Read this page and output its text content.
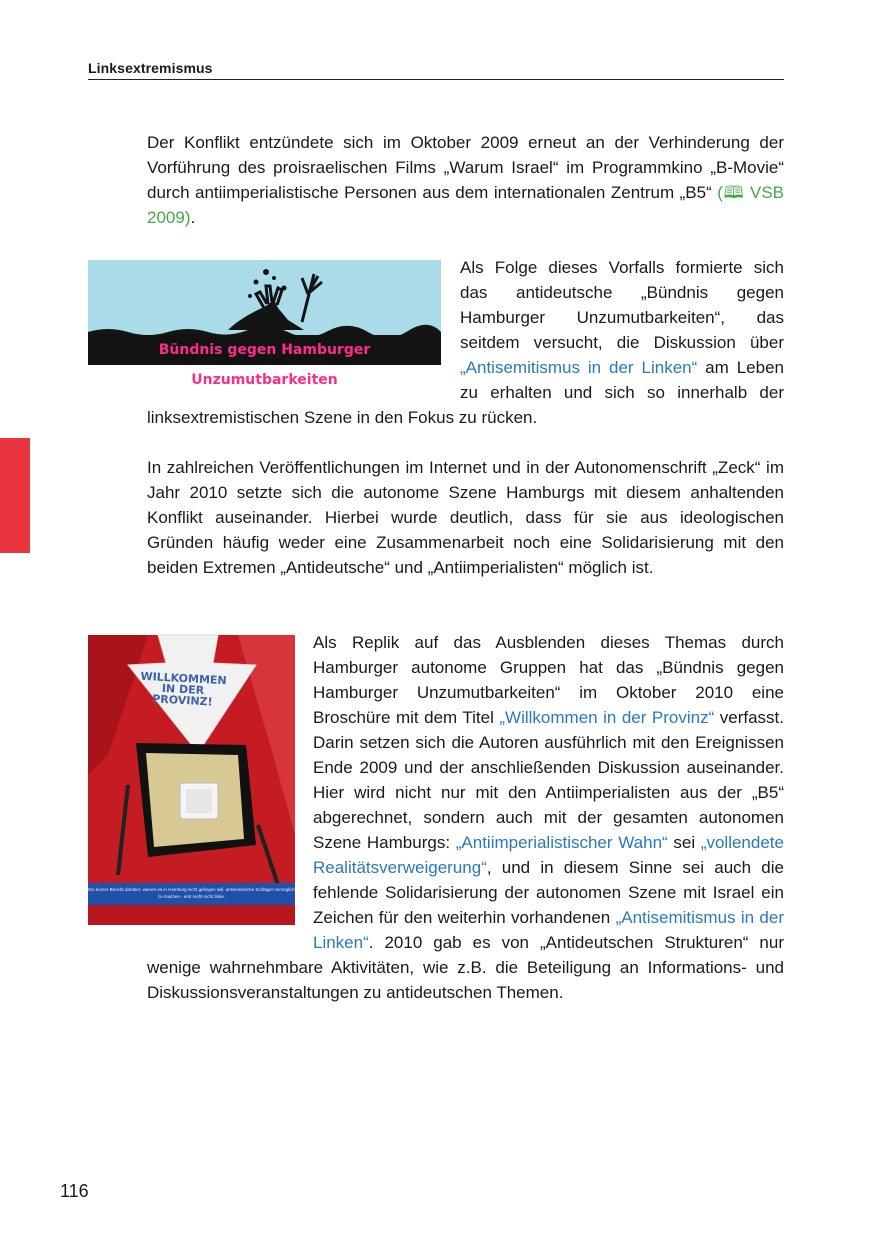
Linksextremismus

Der Konflikt entzündete sich im Oktober 2009 erneut an der Verhinderung der Vorführung des proisraelischen Films „Warum Israel“ im Programmkino „B-Movie“ durch antiimperialistische Personen aus dem internationalen Zentrum „B5“ (🕮 VSB 2009).

Bündnis gegen Hamburger Unzumutbarkeiten

Als Folge dieses Vorfalls formierte sich das antideutsche „Bündnis gegen Hamburger Unzumutbarkeiten“, das seitdem versucht, die Diskussion über „Antisemitismus in der Linken“ am Leben zu erhalten und sich so innerhalb der linksextremistischen Szene in den Fokus zu rücken.

In zahlreichen Veröffentlichungen im Internet und in der Autonomenschrift „Zeck“ im Jahr 2010 setzte sich die autonome Szene Hamburgs mit diesem anhaltenden Konflikt auseinander. Hierbei wurde deutlich, dass für sie aus ideologischen Gründen häufig weder eine Zusammenarbeit noch eine Solidarisierung mit den beiden Extremen „Antideutsche“ und „Antiimperialisten“ möglich ist.

WILLKOMMEN IN DER PROVINZ!
Ein kurzer Bericht darüber, warum es in Hamburg nicht gelingen will, antisemitische Schläger unmöglich zu machen - erst recht nicht linke.

Als Replik auf das Ausblenden dieses Themas durch Hamburger autonome Gruppen hat das „Bündnis gegen Hamburger Unzumutbarkeiten“ im Oktober 2010 eine Broschüre mit dem Titel „Willkommen in der Provinz“ verfasst. Darin setzen sich die Autoren ausführlich mit den Ereignissen Ende 2009 und der anschließenden Diskussion auseinander. Hier wird nicht nur mit den Antiimperialisten aus der „B5“ abgerechnet, sondern auch mit der gesamten autonomen Szene Hamburgs: „Antiimperialistischer Wahn“ sei „vollendete Realitätsverweigerung“, und in diesem Sinne sei auch die fehlende Solidarisierung der autonomen Szene mit Israel ein Zeichen für den weiterhin vorhandenen „Antisemitismus in der Linken“. 2010 gab es von „Antideutschen Strukturen“ nur wenige wahrnehmbare Aktivitäten, wie z.B. die Beteiligung an Informations- und Diskussionsveranstaltungen zu antideutschen Themen.

116
